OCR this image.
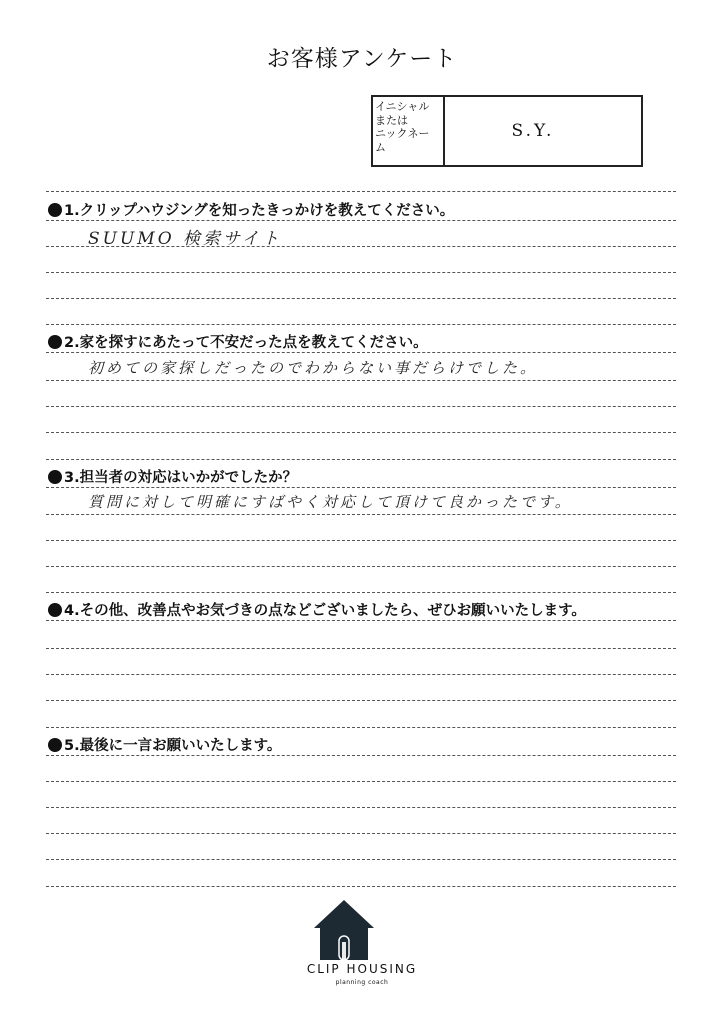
お客様アンケート
イニシャル
または
ニックネー
ム
S.Y.
1.クリップハウジングを知ったきっかけを教えてください。
SUUMO 検索サイト
2.家を探すにあたって不安だった点を教えてください。
初めての家探しだったのでわからない事だらけでした。
3.担当者の対応はいかがでしたか？
質問に対して明確にすばやく対応して頂けて良かったです。
4.その他、改善点やお気づきの点などございましたら、ぜひお願いいたします。
5.最後に一言お願いいたします。
CLIP HOUSING
planning coach
